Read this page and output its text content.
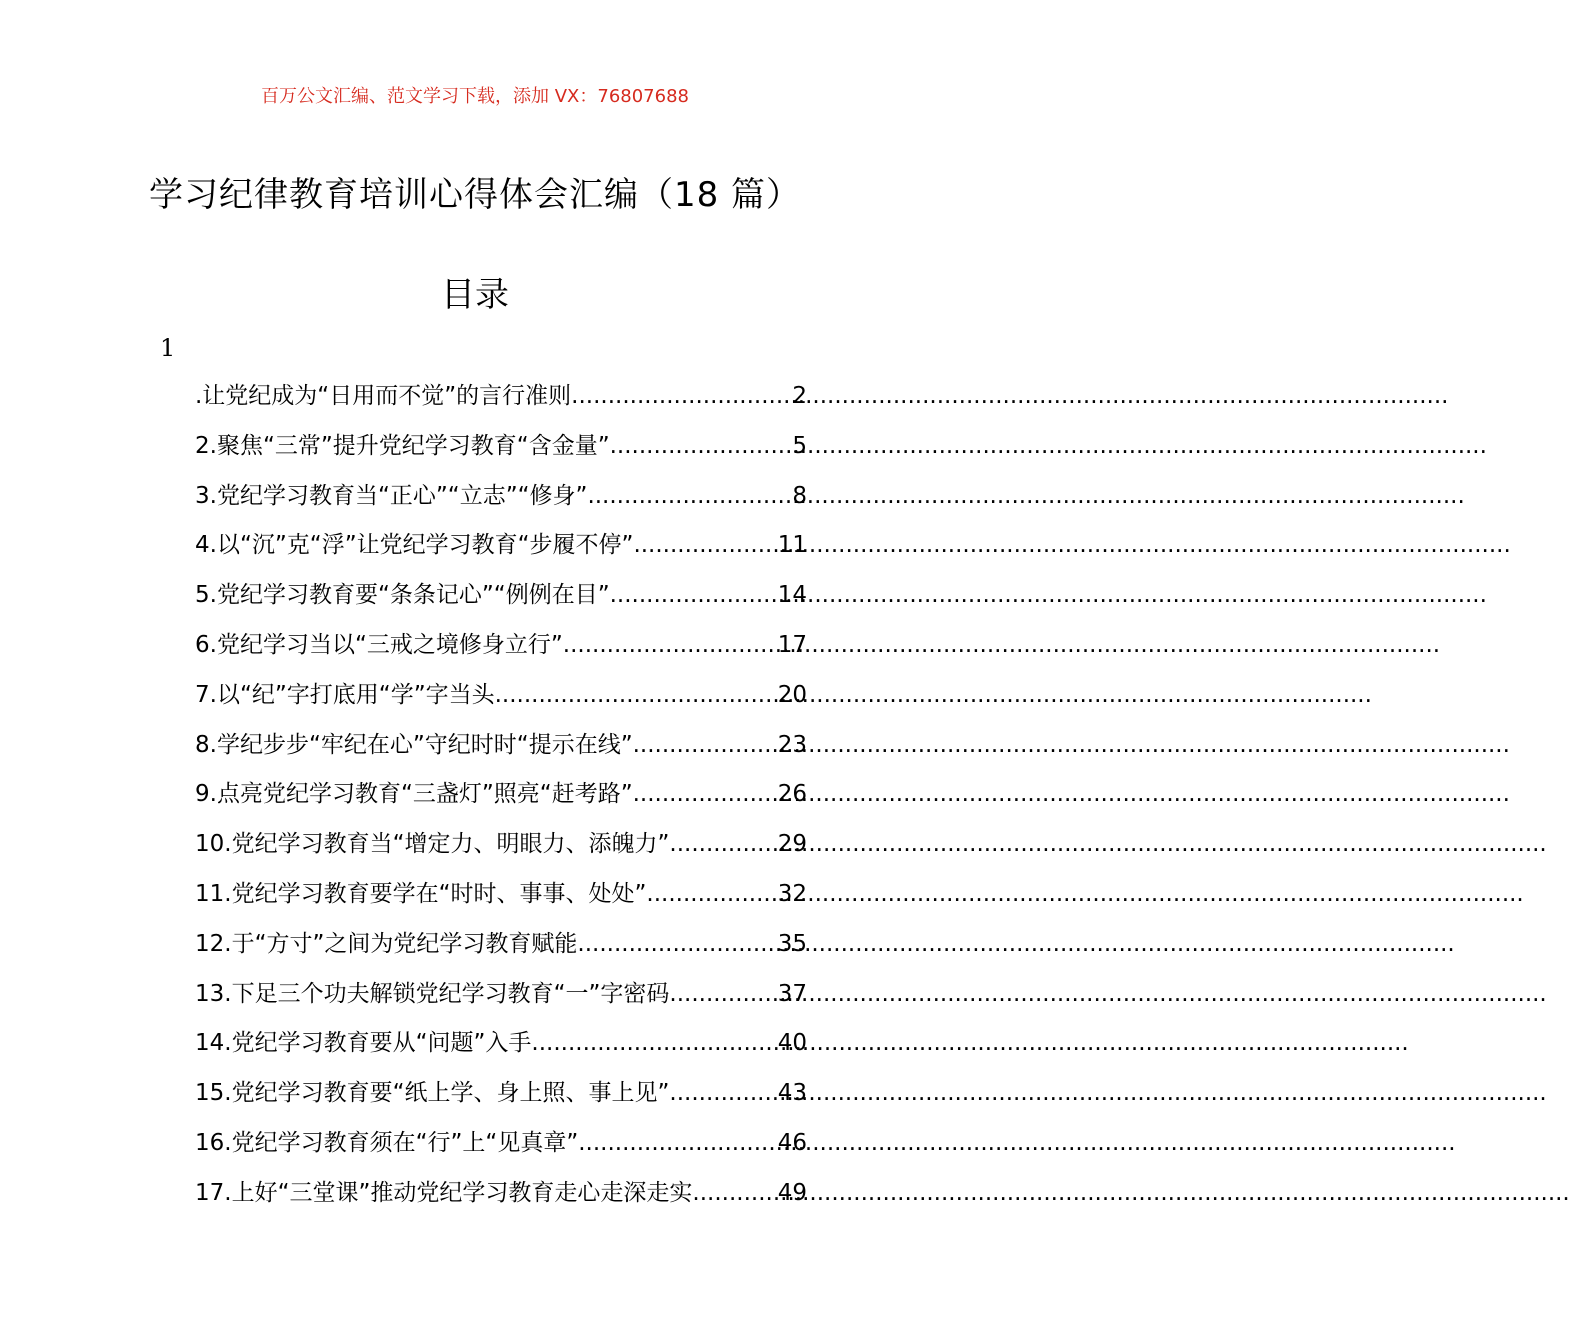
百万公文汇编、范文学习下载，添加 VX：76807688
学习纪律教育培训心得体会汇编（18 篇）
目录
1
.让党纪成为“日用而不觉”的言行准则 .....	2
2.聚焦“三常”提升党纪学习教育“含金量” .....	5
3.党纪学习教育当“正心”“立志”“修身” .....	8
4.以“沉”克“浮”让党纪学习教育“步履不停” .....	11
5.党纪学习教育要“条条记心”“例例在目” .....	14
6.党纪学习当以“三戒之境修身立行” .....	17
7.以“纪”字打底用“学”字当头 .....	20
8.学纪步步“牢纪在心”守纪时时“提示在线” .....	23
9.点亮党纪学习教育“三盏灯”照亮“赶考路” .....	26
10.党纪学习教育当“增定力、明眼力、添魄力” .....	29
11.党纪学习教育要学在“时时、事事、处处” .....	32
12.于“方寸”之间为党纪学习教育赋能 .....	35
13.下足三个功夫解锁党纪学习教育“一”字密码 .....	37
14.党纪学习教育要从“问题”入手 .....	40
15.党纪学习教育要“纸上学、身上照、事上见” .....	43
16.党纪学习教育须在“行”上“见真章” .....	46
17.上好“三堂课”推动党纪学习教育走心走深走实 .....	49
